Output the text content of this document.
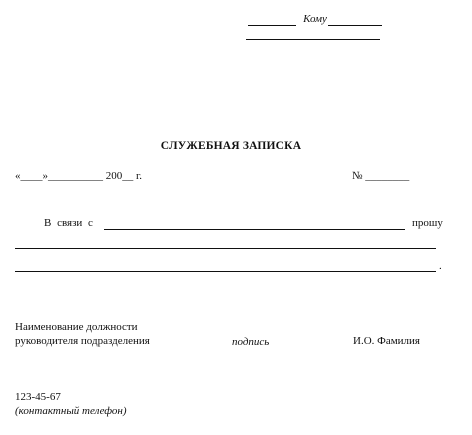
Кому
СЛУЖЕБНАЯ ЗАПИСКА
«____»__________ 200__ г.	№ ________
В связи с	прошу
.
Наименование должности
руководителя подразделения	подпись	И.О. Фамилия
123-45-67
(контактный телефон)
